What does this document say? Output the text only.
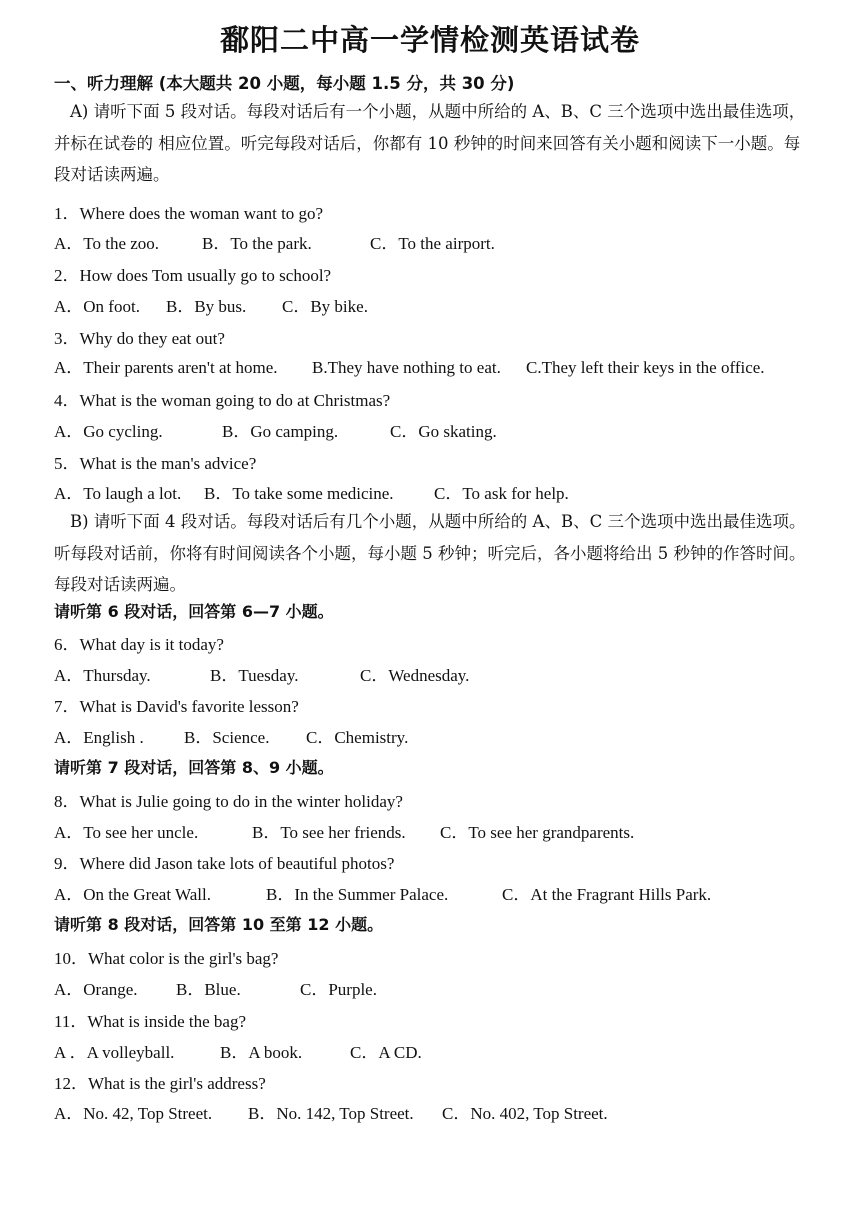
鄱阳二中高一学情检测英语试卷
一、听力理解 (本大题共 20 小题，每小题 1.5 分，共 30 分)
A) 请听下面 5 段对话。每段对话后有一个小题，从题中所给的 A、B、C 三个选项中选出最佳选项，并标在试卷的 相应位置。听完每段对话后，你都有 10 秒钟的时间来回答有关小题和阅读下一小题。每段对话读两遍。
1．Where does the woman want to go?
A．To the zoo.	B．To the park.	C．To the airport.
2．How does Tom usually go to school?
A．On foot. B．By bus. C．By bike.
3．Why do they eat out?
A．Their parents aren't at home. B.They have nothing to eat. C.They left their keys in the office.
4．What is the woman going to do at Christmas?
A．Go cycling.	B．Go camping.	C．Go skating.
5．What is the man's advice?
A．To laugh a lot. B．To take some medicine. C．To ask for help.
B) 请听下面 4 段对话。每段对话后有几个小题，从题中所给的 A、B、C 三个选项中选出最佳选项。听每段对话前，你将有时间阅读各个小题，每小题 5 秒钟；听完后，各小题将给出 5 秒钟的作答时间。每段对话读两遍。
请听第 6 段对话，回答第 6—7 小题。
6．What day is it today?
A．Thursday.	B．Tuesday.	C．Wednesday.
7．What is David's favorite lesson?
A．English . B．Science. C．Chemistry.
请听第 7 段对话，回答第 8、9 小题。
8．What is Julie going to do in the winter holiday?
A．To see her uncle.	B．To see her friends. C．To see her grandparents.
9．Where did Jason take lots of beautiful photos?
A．On the Great Wall.	B．In the Summer Palace.	C．At the Fragrant Hills Park.
请听第 8 段对话，回答第 10 至第 12 小题。
10．What color is the girl's bag?
A．Orange. B．Blue.	C．Purple.
11．What is inside the bag?
A ．A volleyball.	B．A book.	C．A CD.
12．What is the girl's address?
A．No. 42, Top Street. B．No. 142, Top Street. C．No. 402, Top Street.
